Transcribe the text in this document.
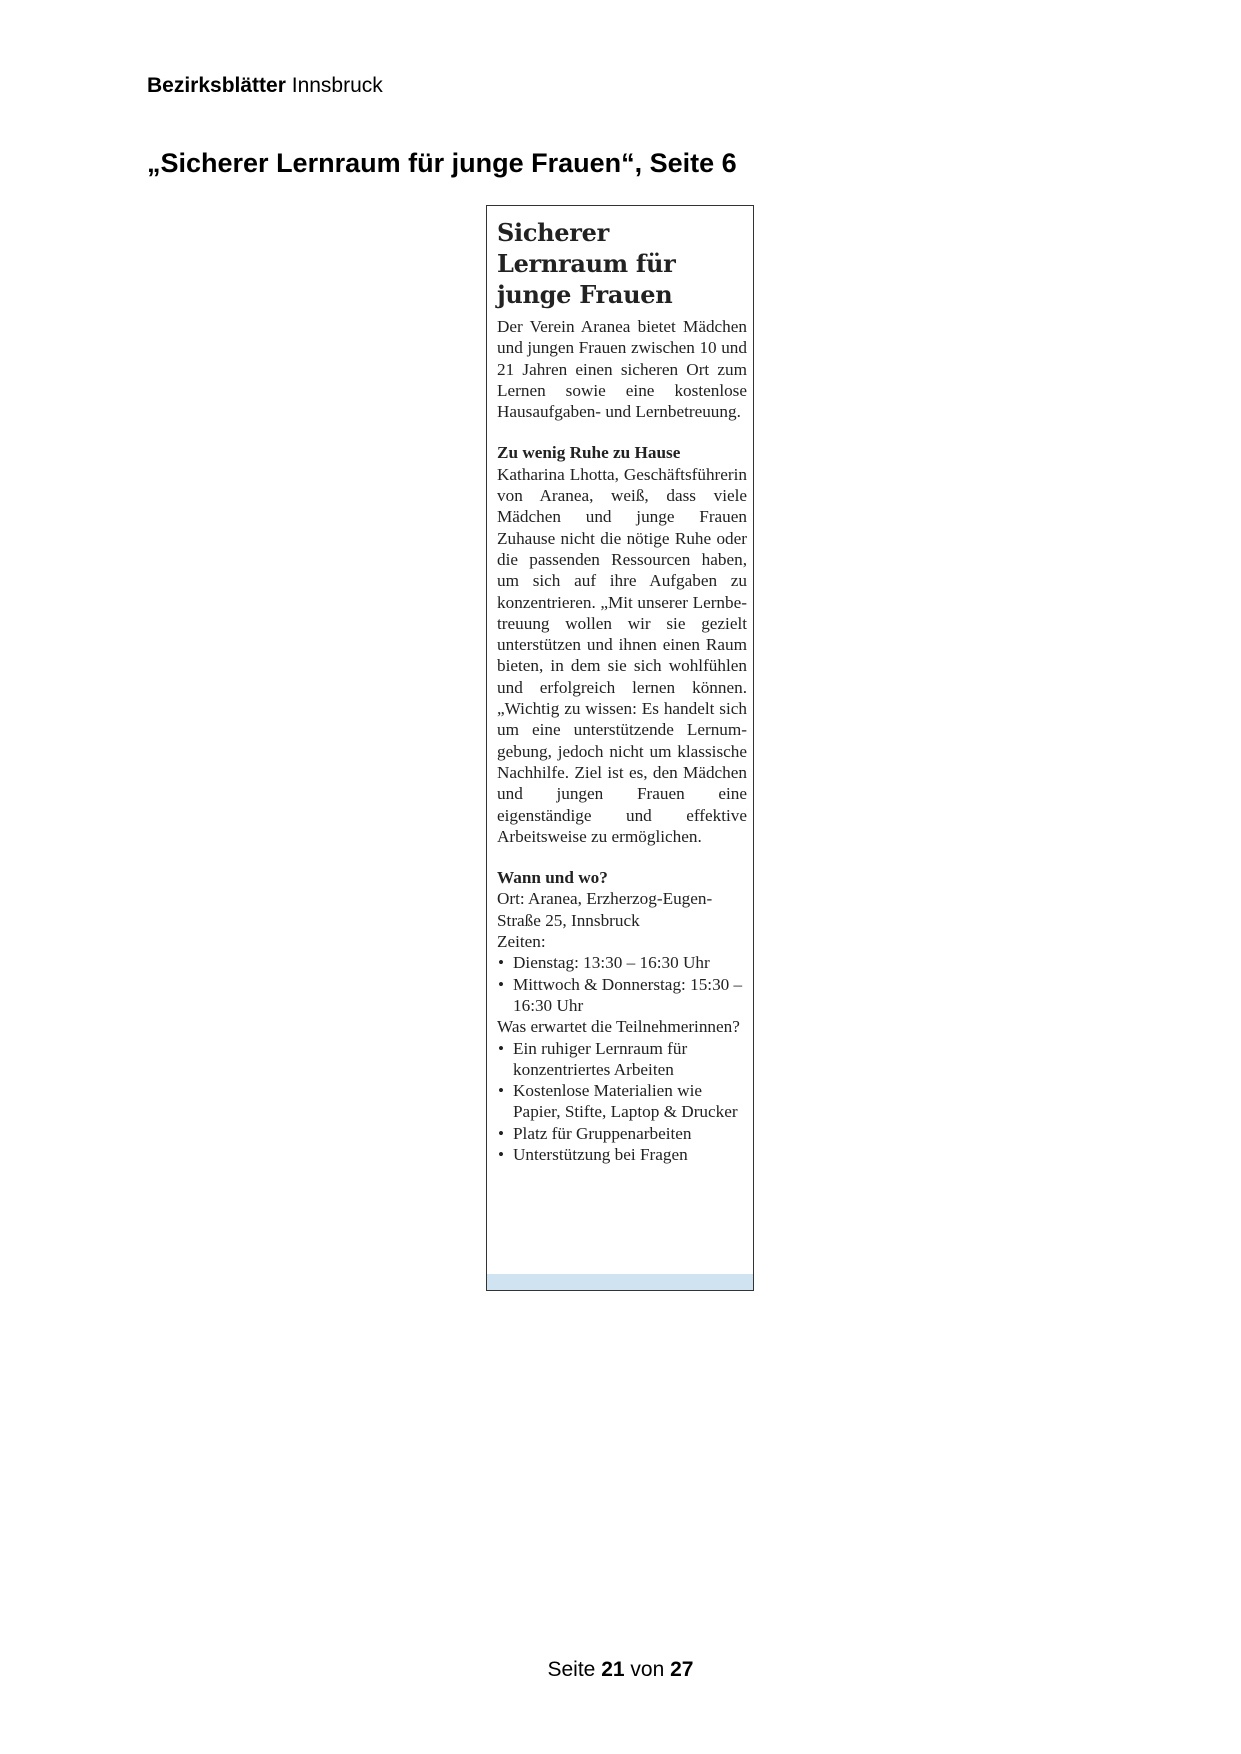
Bezirksblätter Innsbruck
„Sicherer Lernraum für junge Frauen“, Seite 6
Sicherer Lernraum für junge Frauen

Der Verein Aranea bietet Mädchen und jungen Frauen zwischen 10 und 21 Jahren einen sicheren Ort zum Lernen sowie eine kostenlose Hausaufgaben- und Lernbetreuung.

Zu wenig Ruhe zu Hause

Katharina Lhotta, Geschäftsführerin von Aranea, weiß, dass viele Mädchen und junge Frauen Zuhause nicht die nötige Ruhe oder die passenden Ressourcen haben, um sich auf ihre Aufgaben zu konzentrieren. „Mit unserer Lernbetreuung wollen wir sie gezielt unterstützen und ihnen einen Raum bieten, in dem sie sich wohlfühlen und erfolgreich lernen können. „Wichtig zu wissen: Es handelt sich um eine unterstützende Lernumgebung, jedoch nicht um klassische Nachhilfe. Ziel ist es, den Mädchen und jungen Frauen eine eigenständige und effektive Arbeitsweise zu ermöglichen.

Wann und wo?

Ort: Aranea, Erzherzog-Eugen-Straße 25, Innsbruck

Zeiten:

• Dienstag: 13:30 – 16:30 Uhr
• Mittwoch & Donnerstag: 15:30 – 16:30 Uhr

Was erwartet die Teilnehmerinnen?

• Ein ruhiger Lernraum für konzentriertes Arbeiten
• Kostenlose Materialien wie Papier, Stifte, Laptop & Drucker
• Platz für Gruppenarbeiten
• Unterstützung bei Fragen
Seite 21 von 27
